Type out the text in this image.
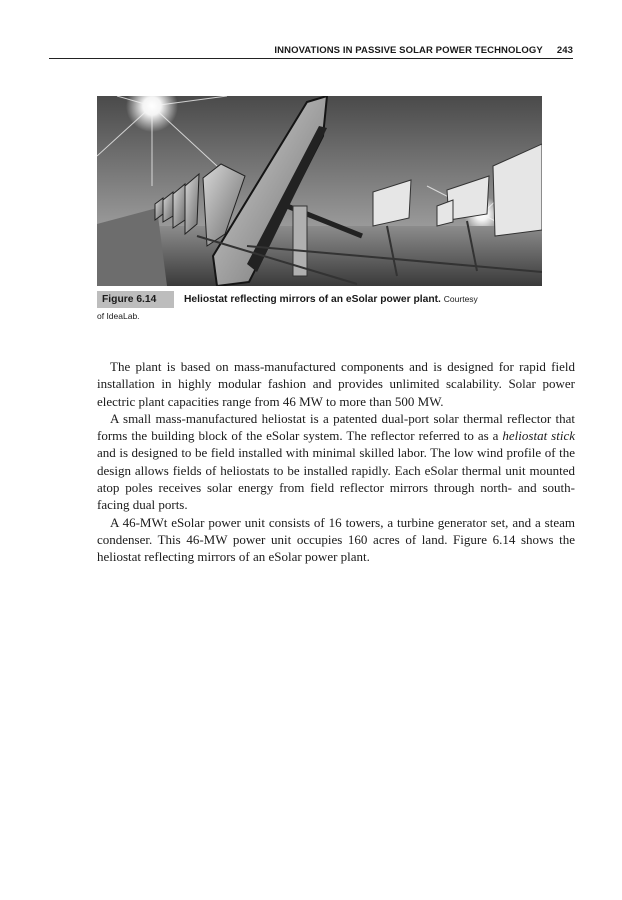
INNOVATIONS IN PASSIVE SOLAR POWER TECHNOLOGY 243
Figure 6.14	Heliostat reflecting mirrors of an eSolar power plant. Courtesy
of IdeaLab.

The plant is based on mass-manufactured components and is designed for rapid field installation in highly modular fashion and provides unlimited scalability. Solar power electric plant capacities range from 46 MW to more than 500 MW.

A small mass-manufactured heliostat is a patented dual-port solar thermal reflector that forms the building block of the eSolar system. The reflector referred to as a heliostat stick and is designed to be field installed with minimal skilled labor. The low wind profile of the design allows fields of heliostats to be installed rapidly. Each eSolar thermal unit mounted atop poles receives solar energy from field reflector mirrors through north- and south-facing dual ports.

A 46-MWt eSolar power unit consists of 16 towers, a turbine generator set, and a steam condenser. This 46-MW power unit occupies 160 acres of land. Figure 6.14 shows the heliostat reflecting mirrors of an eSolar power plant.
